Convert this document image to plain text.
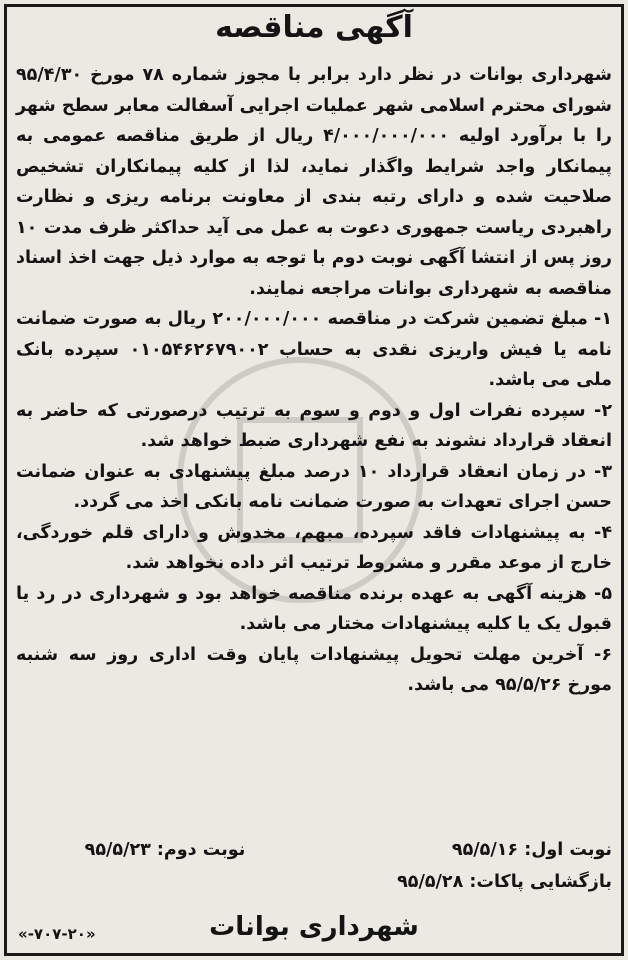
آگهی مناقصه

شهرداری بوانات در نظر دارد برابر با مجوز شماره ۷۸ مورخ ۹۵/۴/۳۰ شورای محترم اسلامی شهر عملیات اجرایی آسفالت معابر سطح شهر را با برآورد اولیه ۴/۰۰۰/۰۰۰/۰۰۰ ریال از طریق مناقصه عمومی به پیمانکار واجد شرایط واگذار نماید، لذا از کلیه پیمانکاران تشخیص صلاحیت شده و دارای رتبه بندی از معاونت برنامه ریزی و نظارت راهبردی ریاست جمهوری دعوت به عمل می آید حداکثر ظرف مدت ۱۰ روز پس از انتشا آگهی نوبت دوم با توجه به موارد ذیل جهت اخذ اسناد مناقصه به شهرداری بوانات مراجعه نمایند.

۱- مبلغ تضمین شرکت در مناقصه ۲۰۰/۰۰۰/۰۰۰ ریال به صورت ضمانت نامه یا فیش واریزی نقدی به حساب ۰۱۰۵۴۶۲۶۷۹۰۰۲ سپرده بانک ملی می باشد.

۲- سپرده نفرات اول و دوم و سوم به ترتیب درصورتی که حاضر به انعقاد قرارداد نشوند به نفع شهرداری ضبط خواهد شد.

۳- در زمان انعقاد قرارداد ۱۰ درصد مبلغ پیشنهادی به عنوان ضمانت حسن اجرای تعهدات به صورت ضمانت نامه بانکی اخذ می گردد.

۴- به پیشنهادات فاقد سپرده، مبهم، مخدوش و دارای قلم خوردگی، خارج از موعد مقرر و مشروط ترتیب اثر داده نخواهد شد.

۵- هزینه آگهی به عهده برنده مناقصه خواهد بود و شهرداری در رد یا قبول یک یا کلیه پیشنهادات مختار می باشد.

۶- آخرین مهلت تحویل پیشنهادات پایان وقت اداری روز سه شنبه مورخ ۹۵/۵/۲۶ می باشد.

نوبت اول: ۹۵/۵/۱۶
نوبت دوم: ۹۵/۵/۲۳
بازگشایی پاکات: ۹۵/۵/۲۸
شهرداری بوانات
«۷۰۷-۲۰-»
